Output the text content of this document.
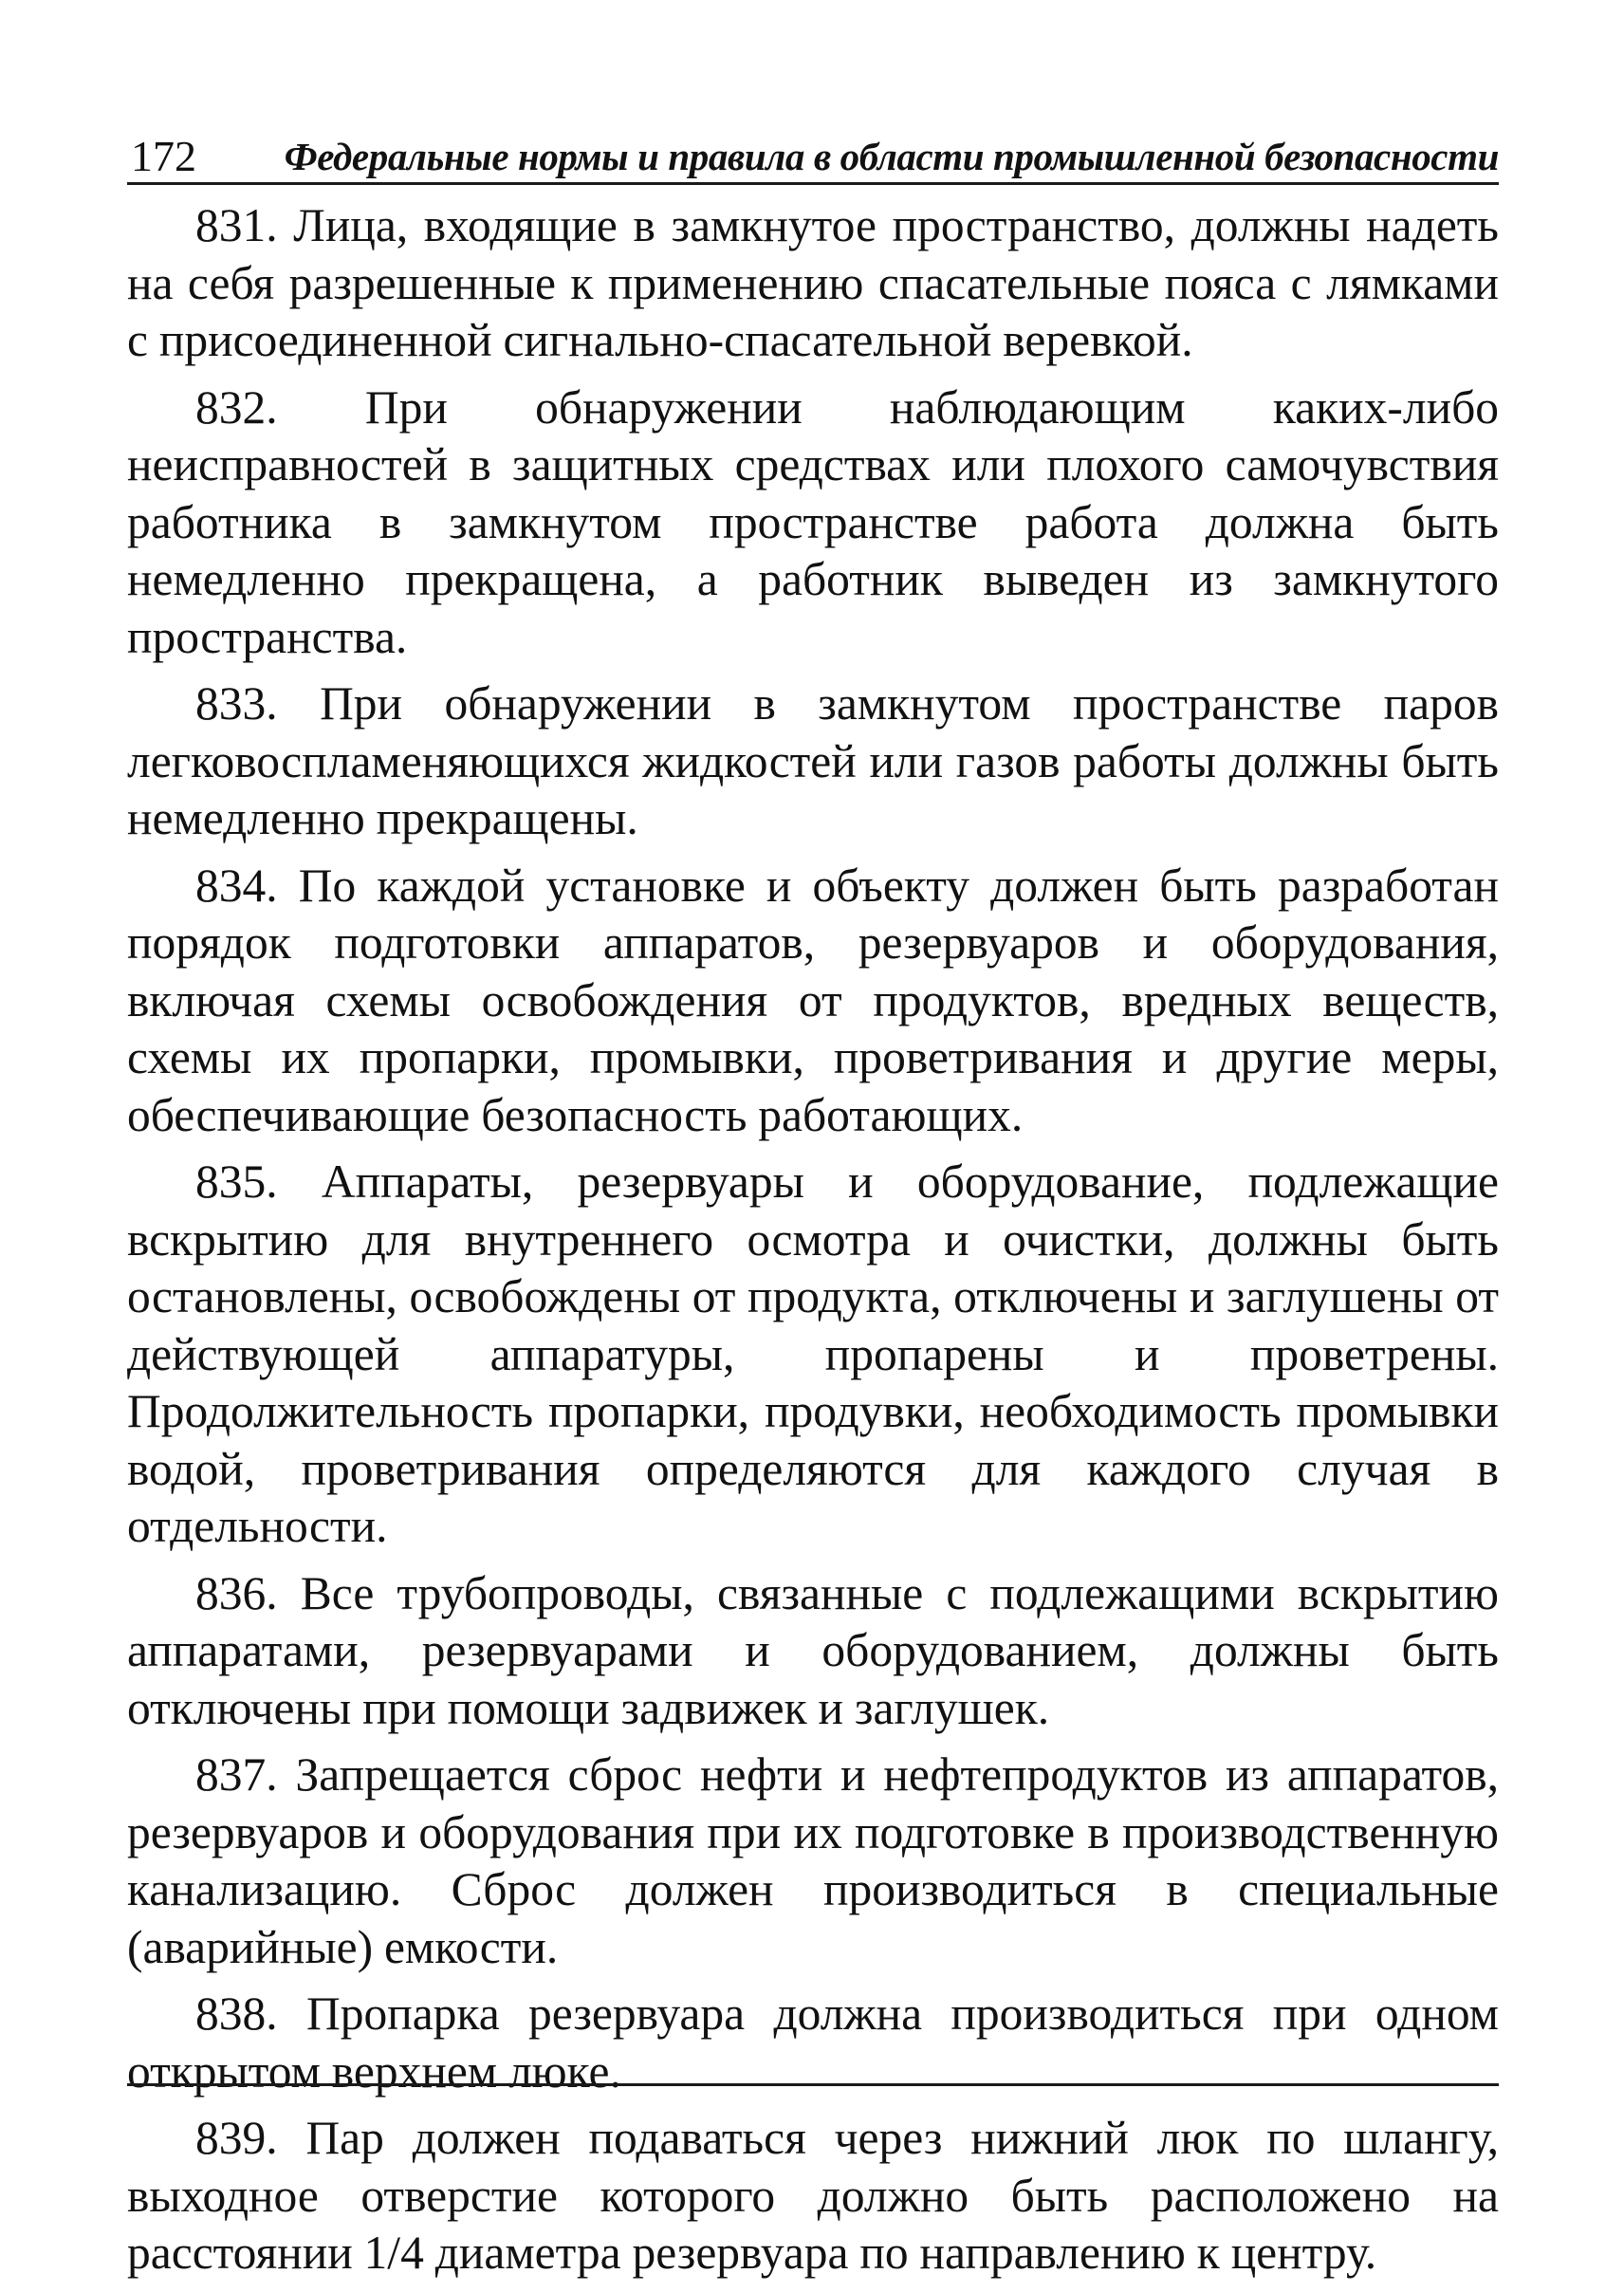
172 Федеральные нормы и правила в области промышленной безопасности

831. Лица, входящие в замкнутое пространство, должны надеть на себя разрешенные к применению спасательные пояса с лямками с присоединенной сигнально-спасательной веревкой.

832. При обнаружении наблюдающим каких-либо неисправностей в защитных средствах или плохого самочувствия работника в замкнутом пространстве работа должна быть немедленно прекращена, а работник выведен из замкнутого пространства.

833. При обнаружении в замкнутом пространстве паров легковоспламеняющихся жидкостей или газов работы должны быть немедленно прекращены.

834. По каждой установке и объекту должен быть разработан порядок подготовки аппаратов, резервуаров и оборудования, включая схемы освобождения от продуктов, вредных веществ, схемы их пропарки, промывки, проветривания и другие меры, обеспечивающие безопасность работающих.

835. Аппараты, резервуары и оборудование, подлежащие вскрытию для внутреннего осмотра и очистки, должны быть остановлены, освобождены от продукта, отключены и заглушены от действующей аппаратуры, пропарены и проветрены. Продолжительность пропарки, продувки, необходимость промывки водой, проветривания определяются для каждого случая в отдельности.

836. Все трубопроводы, связанные с подлежащими вскрытию аппаратами, резервуарами и оборудованием, должны быть отключены при помощи задвижек и заглушек.

837. Запрещается сброс нефти и нефтепродуктов из аппаратов, резервуаров и оборудования при их подготовке в производственную канализацию. Сброс должен производиться в специальные (аварийные) емкости.

838. Пропарка резервуара должна производиться при одном открытом верхнем люке.

839. Пар должен подаваться через нижний люк по шлангу, выходное отверстие которого должно быть расположено на расстоянии 1/4 диаметра резервуара по направлению к центру.
